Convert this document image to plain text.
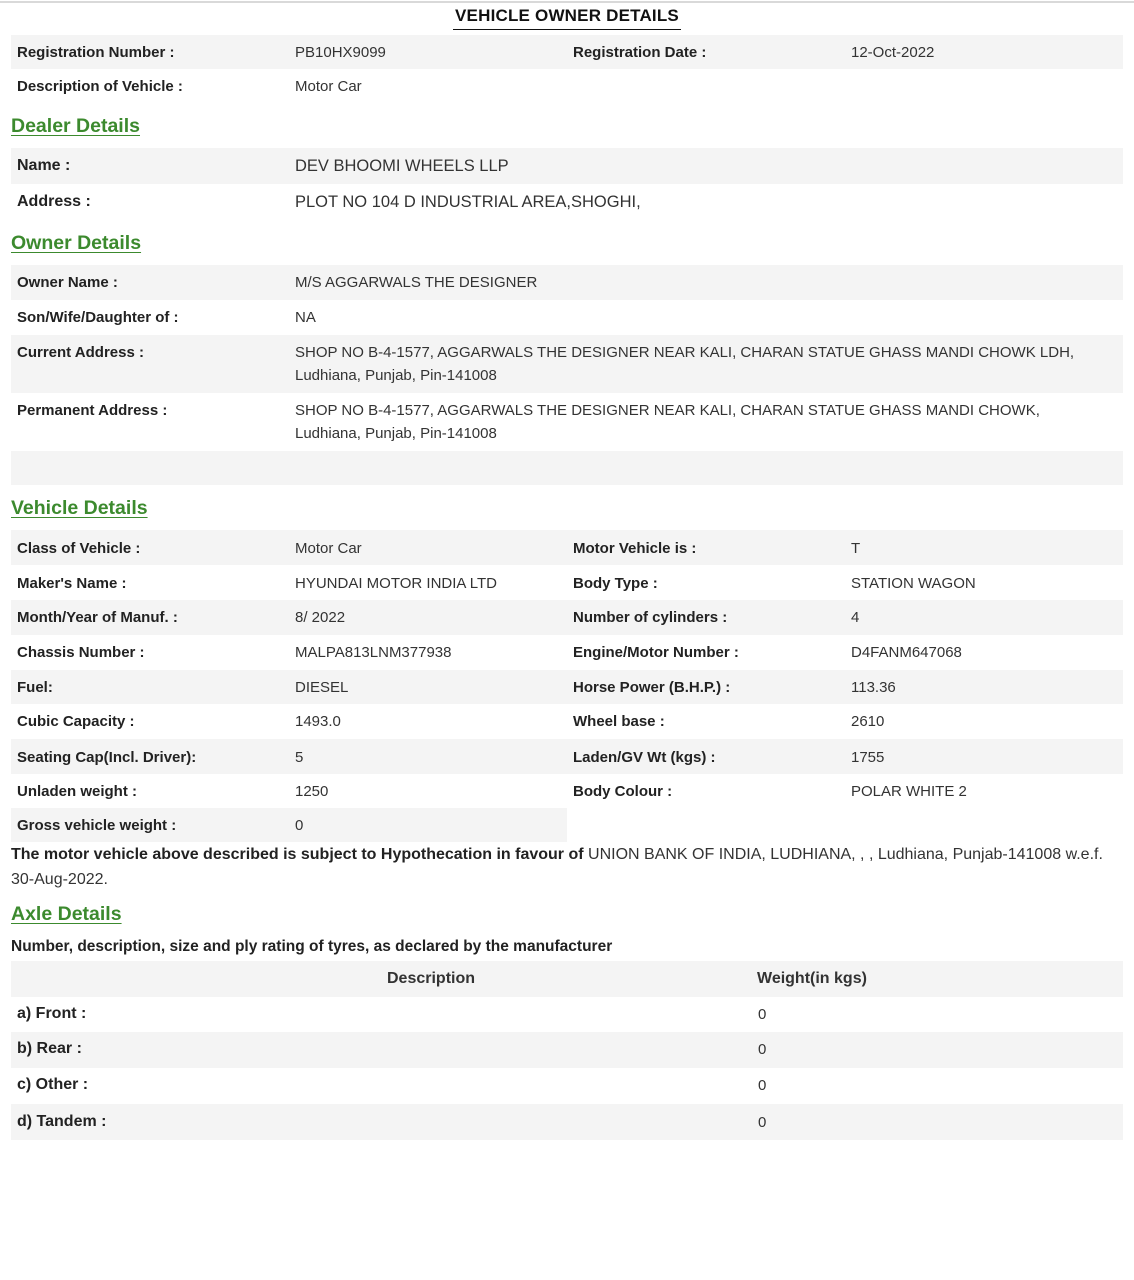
VEHICLE OWNER DETAILS
Registration Number :	PB10HX9099	Registration Date :	12-Oct-2022
Description of Vehicle :	Motor Car
Dealer Details
Name :	DEV BHOOMI WHEELS LLP
Address :	PLOT NO 104 D INDUSTRIAL AREA,SHOGHI,
Owner Details
Owner Name :	M/S AGGARWALS THE DESIGNER
Son/Wife/Daughter of :	NA
Current Address :	SHOP NO B-4-1577, AGGARWALS THE DESIGNER NEAR KALI, CHARAN STATUE GHASS MANDI CHOWK LDH, Ludhiana, Punjab, Pin-141008
Permanent Address :	SHOP NO B-4-1577, AGGARWALS THE DESIGNER NEAR KALI, CHARAN STATUE GHASS MANDI CHOWK, Ludhiana, Punjab, Pin-141008
Vehicle Details
Class of Vehicle :	Motor Car	Motor Vehicle is :	T
Maker's Name :	HYUNDAI MOTOR INDIA LTD	Body Type :	STATION WAGON
Month/Year of Manuf. :	8/ 2022	Number of cylinders :	4
Chassis Number :	MALPA813LNM377938	Engine/Motor Number :	D4FANM647068
Fuel:	DIESEL	Horse Power (B.H.P.) :	113.36
Cubic Capacity :	1493.0	Wheel base :	2610
Seating Cap(Incl. Driver):	5	Laden/GV Wt (kgs) :	1755
Unladen weight :	1250	Body Colour :	POLAR WHITE 2
Gross vehicle weight :	0
The motor vehicle above described is subject to Hypothecation in favour of UNION BANK OF INDIA, LUDHIANA, , , Ludhiana, Punjab-141008 w.e.f. 30-Aug-2022.
Axle Details
Number, description, size and ply rating of tyres, as declared by the manufacturer
Description	Weight(in kgs)
a) Front :	0
b) Rear :	0
c) Other :	0
d) Tandem :	0
